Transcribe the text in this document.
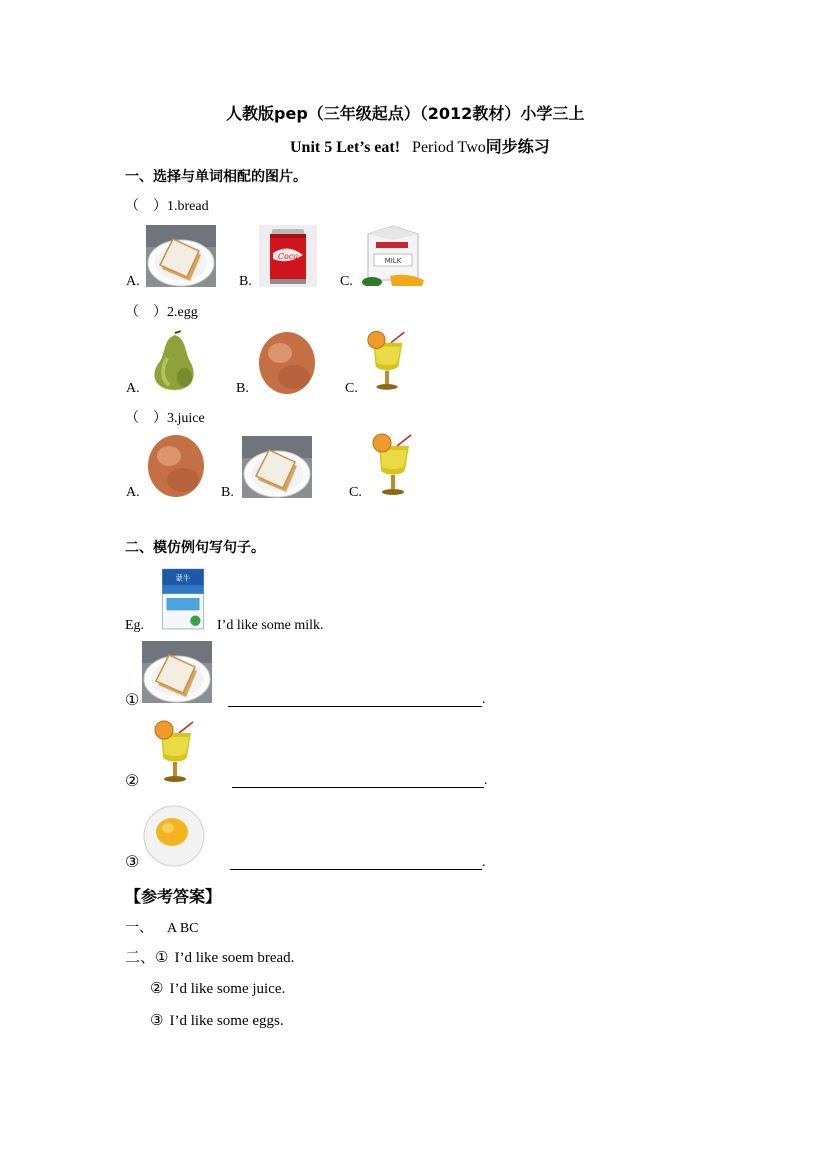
人教版pep（三年级起点）（2012教材）小学三上
Unit 5 Let’s eat! Period Two同步练习
一、选择与单词相配的图片。
（　）1.bread
A.	B.	C.
（　）2.egg
A.	B.	C.
（　）3.juice
A.	B.	C.
二、模仿例句写句子。
Eg.	I’d like some milk.
①	.
②	.
③	.
【参考答案】
一、 A BC
二、① I’d like soem bread.
② I’d like some juice.
③ I’d like some eggs.
